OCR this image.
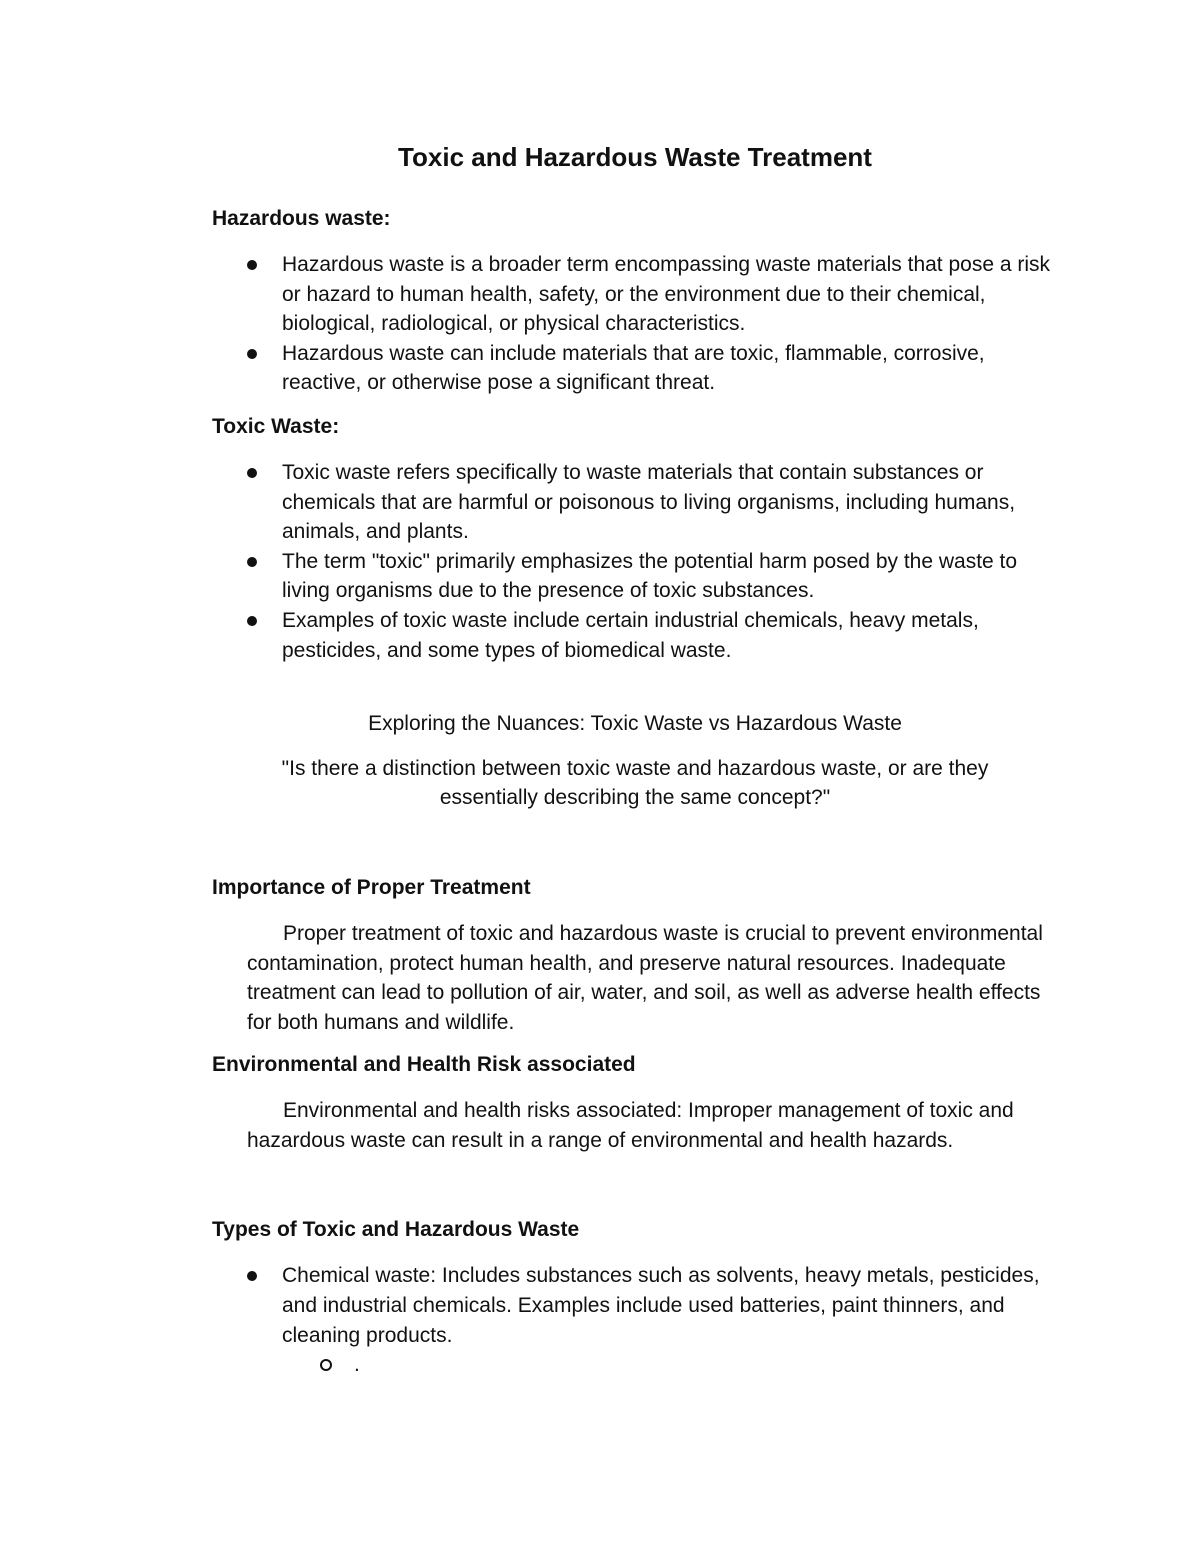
Toxic and Hazardous Waste Treatment
Hazardous waste:
Hazardous waste is a broader term encompassing waste materials that pose a risk or hazard to human health, safety, or the environment due to their chemical, biological, radiological, or physical characteristics.
Hazardous waste can include materials that are toxic, flammable, corrosive, reactive, or otherwise pose a significant threat.
Toxic Waste:
Toxic waste refers specifically to waste materials that contain substances or chemicals that are harmful or poisonous to living organisms, including humans, animals, and plants.
The term "toxic" primarily emphasizes the potential harm posed by the waste to living organisms due to the presence of toxic substances.
Examples of toxic waste include certain industrial chemicals, heavy metals, pesticides, and some types of biomedical waste.
Exploring the Nuances: Toxic Waste vs Hazardous Waste
"Is there a distinction between toxic waste and hazardous waste, or are they essentially describing the same concept?"
Importance of Proper Treatment

Proper treatment of toxic and hazardous waste is crucial to prevent environmental contamination, protect human health, and preserve natural resources. Inadequate treatment can lead to pollution of air, water, and soil, as well as adverse health effects for both humans and wildlife.

Environmental and Health Risk associated

Environmental and health risks associated: Improper management of toxic and hazardous waste can result in a range of environmental and health hazards.

Types of Toxic and Hazardous Waste
Chemical waste: Includes substances such as solvents, heavy metals, pesticides, and industrial chemicals. Examples include used batteries, paint thinners, and cleaning products.
.
